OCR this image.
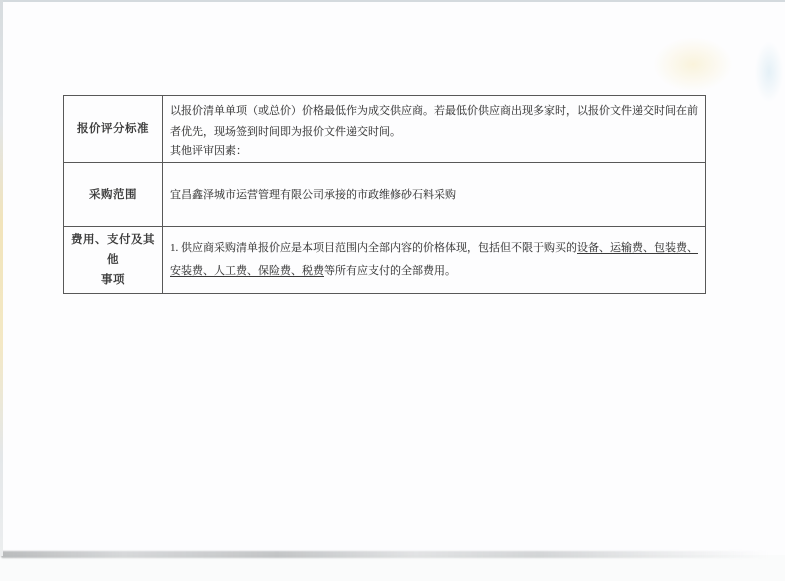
报价评分标准	以报价清单单项（或总价）价格最低作为成交供应商。若最低价供应商出现多家时，以报价文件递交时间在前者优先，现场签到时间即为报价文件递交时间。

其他评审因素：

采购范围	宜昌鑫泽城市运营管理有限公司承接的市政维修砂石料采购

费用、支付及其他
事项	1. 供应商采购清单报价应是本项目范围内全部内容的价格体现，包括但不限于购买的设备、运输费、包装费、安装费、人工费、保险费、税费等所有应支付的全部费用。
